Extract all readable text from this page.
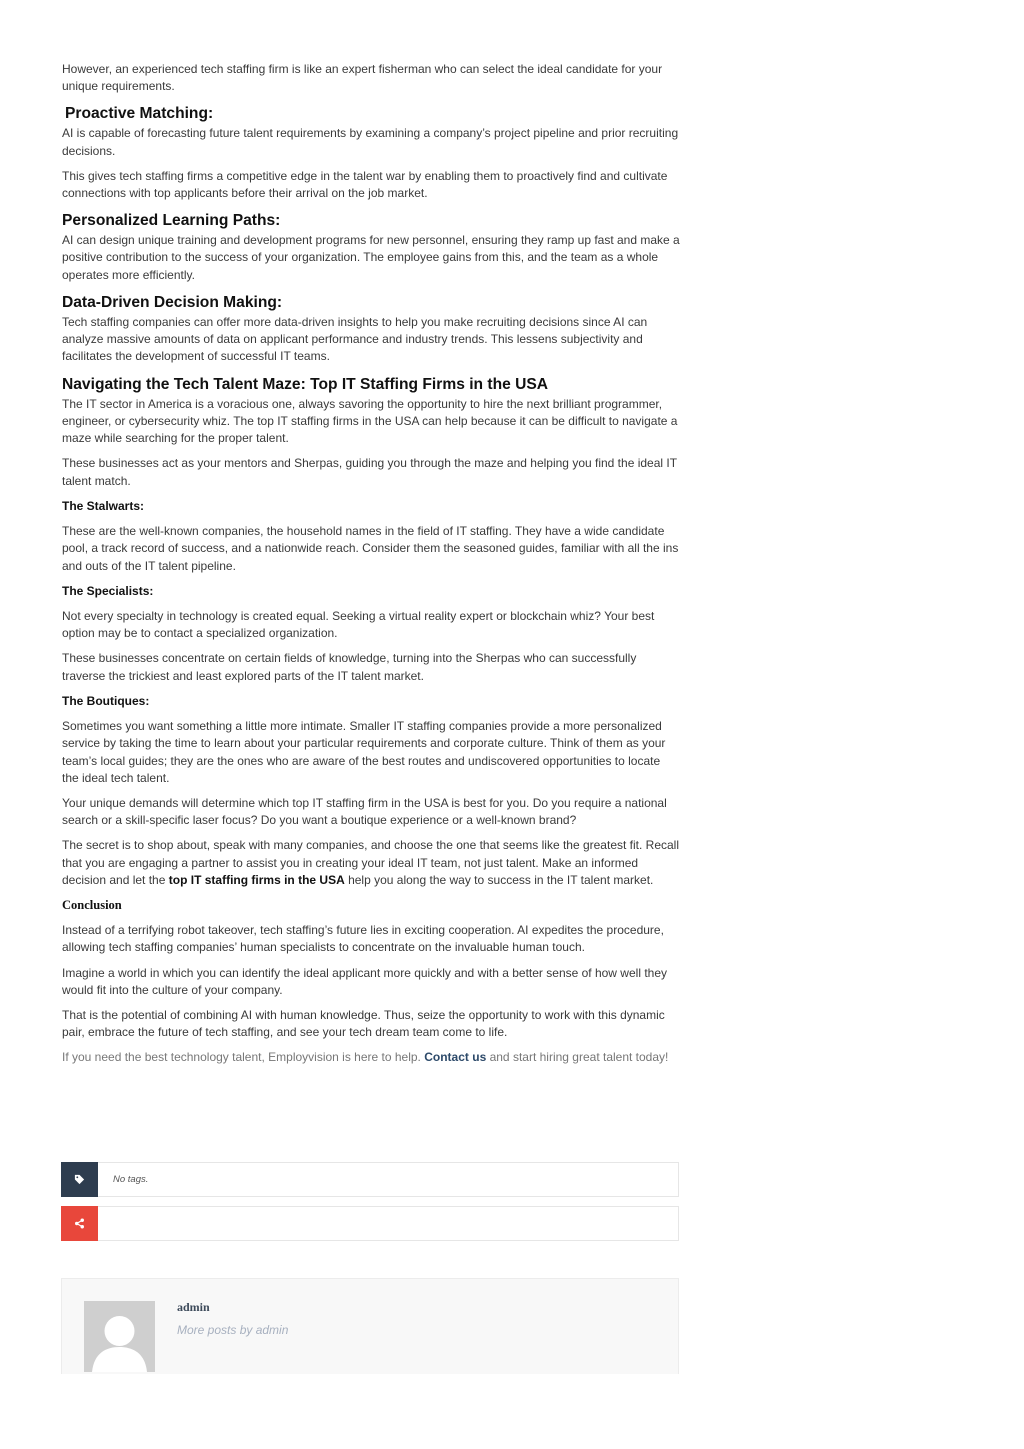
However, an experienced tech staffing firm is like an expert fisherman who can select the ideal candidate for your unique requirements.

Proactive Matching:

AI is capable of forecasting future talent requirements by examining a company’s project pipeline and prior recruiting decisions.

This gives tech staffing firms a competitive edge in the talent war by enabling them to proactively find and cultivate connections with top applicants before their arrival on the job market.

Personalized Learning Paths:

AI can design unique training and development programs for new personnel, ensuring they ramp up fast and make a positive contribution to the success of your organization. The employee gains from this, and the team as a whole operates more efficiently.

Data-Driven Decision Making:

Tech staffing companies can offer more data-driven insights to help you make recruiting decisions since AI can analyze massive amounts of data on applicant performance and industry trends. This lessens subjectivity and facilitates the development of successful IT teams.

Navigating the Tech Talent Maze: Top IT Staffing Firms in the USA

The IT sector in America is a voracious one, always savoring the opportunity to hire the next brilliant programmer, engineer, or cybersecurity whiz. The top IT staffing firms in the USA can help because it can be difficult to navigate a maze while searching for the proper talent.

These businesses act as your mentors and Sherpas, guiding you through the maze and helping you find the ideal IT talent match.

The Stalwarts:

These are the well-known companies, the household names in the field of IT staffing. They have a wide candidate pool, a track record of success, and a nationwide reach. Consider them the seasoned guides, familiar with all the ins and outs of the IT talent pipeline.

The Specialists:

Not every specialty in technology is created equal. Seeking a virtual reality expert or blockchain whiz? Your best option may be to contact a specialized organization.

These businesses concentrate on certain fields of knowledge, turning into the Sherpas who can successfully traverse the trickiest and least explored parts of the IT talent market.

The Boutiques:

Sometimes you want something a little more intimate. Smaller IT staffing companies provide a more personalized service by taking the time to learn about your particular requirements and corporate culture. Think of them as your team’s local guides; they are the ones who are aware of the best routes and undiscovered opportunities to locate the ideal tech talent.

Your unique demands will determine which top IT staffing firm in the USA is best for you. Do you require a national search or a skill-specific laser focus? Do you want a boutique experience or a well-known brand?

The secret is to shop about, speak with many companies, and choose the one that seems like the greatest fit. Recall that you are engaging a partner to assist you in creating your ideal IT team, not just talent. Make an informed decision and let the top IT staffing firms in the USA help you along the way to success in the IT talent market.

Conclusion

Instead of a terrifying robot takeover, tech staffing’s future lies in exciting cooperation. AI expedites the procedure, allowing tech staffing companies’ human specialists to concentrate on the invaluable human touch.

Imagine a world in which you can identify the ideal applicant more quickly and with a better sense of how well they would fit into the culture of your company.

That is the potential of combining AI with human knowledge. Thus, seize the opportunity to work with this dynamic pair, embrace the future of tech staffing, and see your tech dream team come to life.

If you need the best technology talent, Employvision is here to help. Contact us and start hiring great talent today!

No tags.
admin
More posts by admin
